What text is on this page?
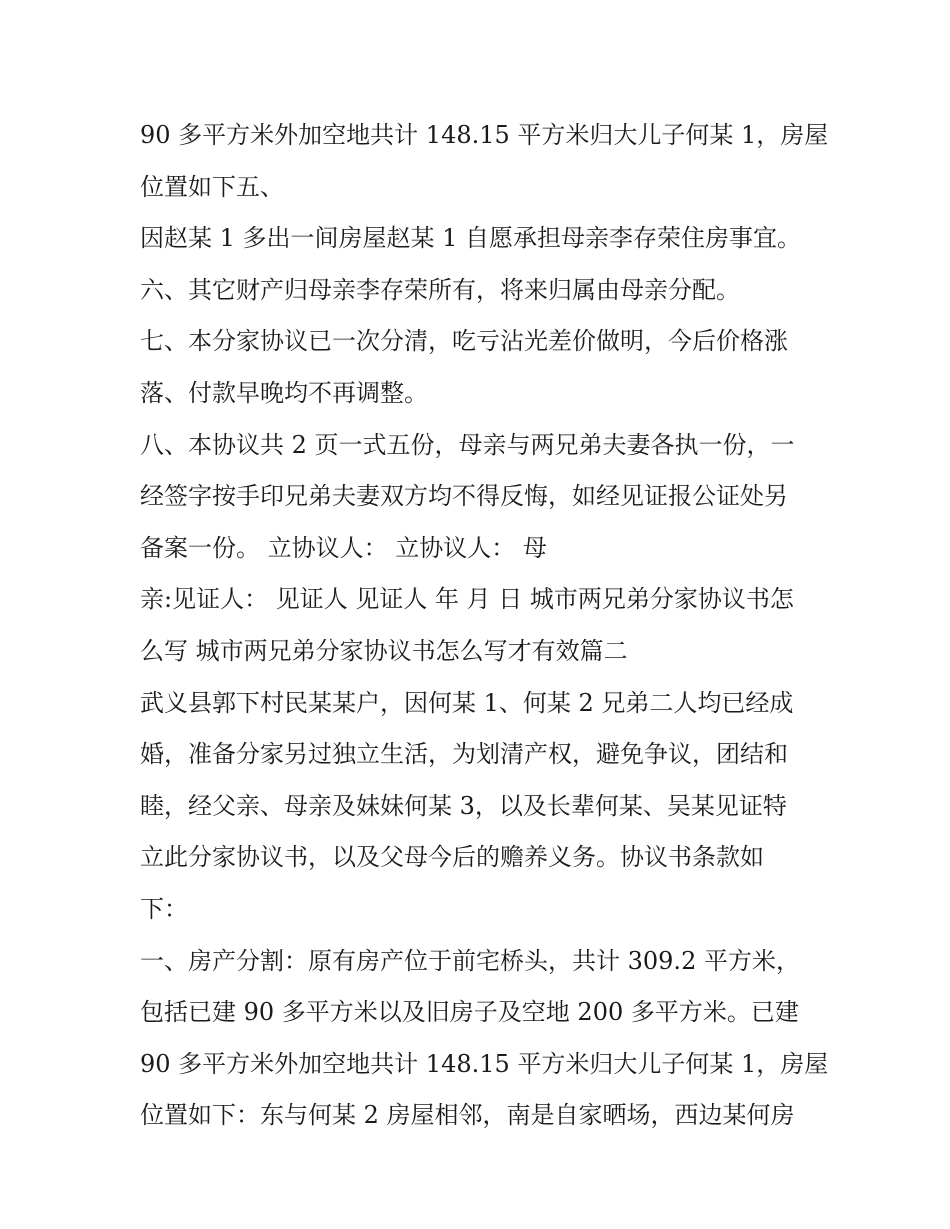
90 多平方米外加空地共计 148.15 平方米归大儿子何某 1，房屋
位置如下五、
因赵某 1 多出一间房屋赵某 1 自愿承担母亲李存荣住房事宜。
六、其它财产归母亲李存荣所有，将来归属由母亲分配。
七、本分家协议已一次分清，吃亏沾光差价做明，今后价格涨
落、付款早晚均不再调整。
八、本协议共 2 页一式五份，母亲与两兄弟夫妻各执一份，一
经签字按手印兄弟夫妻双方均不得反悔，如经见证报公证处另
备案一份。 立协议人： 立协议人： 母
亲:见证人： 见证人 见证人 年 月 日 城市两兄弟分家协议书怎
么写 城市两兄弟分家协议书怎么写才有效篇二
武义县郭下村民某某户，因何某 1、何某 2 兄弟二人均已经成
婚，准备分家另过独立生活，为划清产权，避免争议，团结和
睦，经父亲、母亲及妹妹何某 3，以及长辈何某、吴某见证特
立此分家协议书，以及父母今后的赡养义务。协议书条款如
下：
一、房产分割：原有房产位于前宅桥头，共计 309.2 平方米，
包括已建 90 多平方米以及旧房子及空地 200 多平方米。已建
90 多平方米外加空地共计 148.15 平方米归大儿子何某 1，房屋
位置如下：东与何某 2 房屋相邻，南是自家晒场，西边某何房
